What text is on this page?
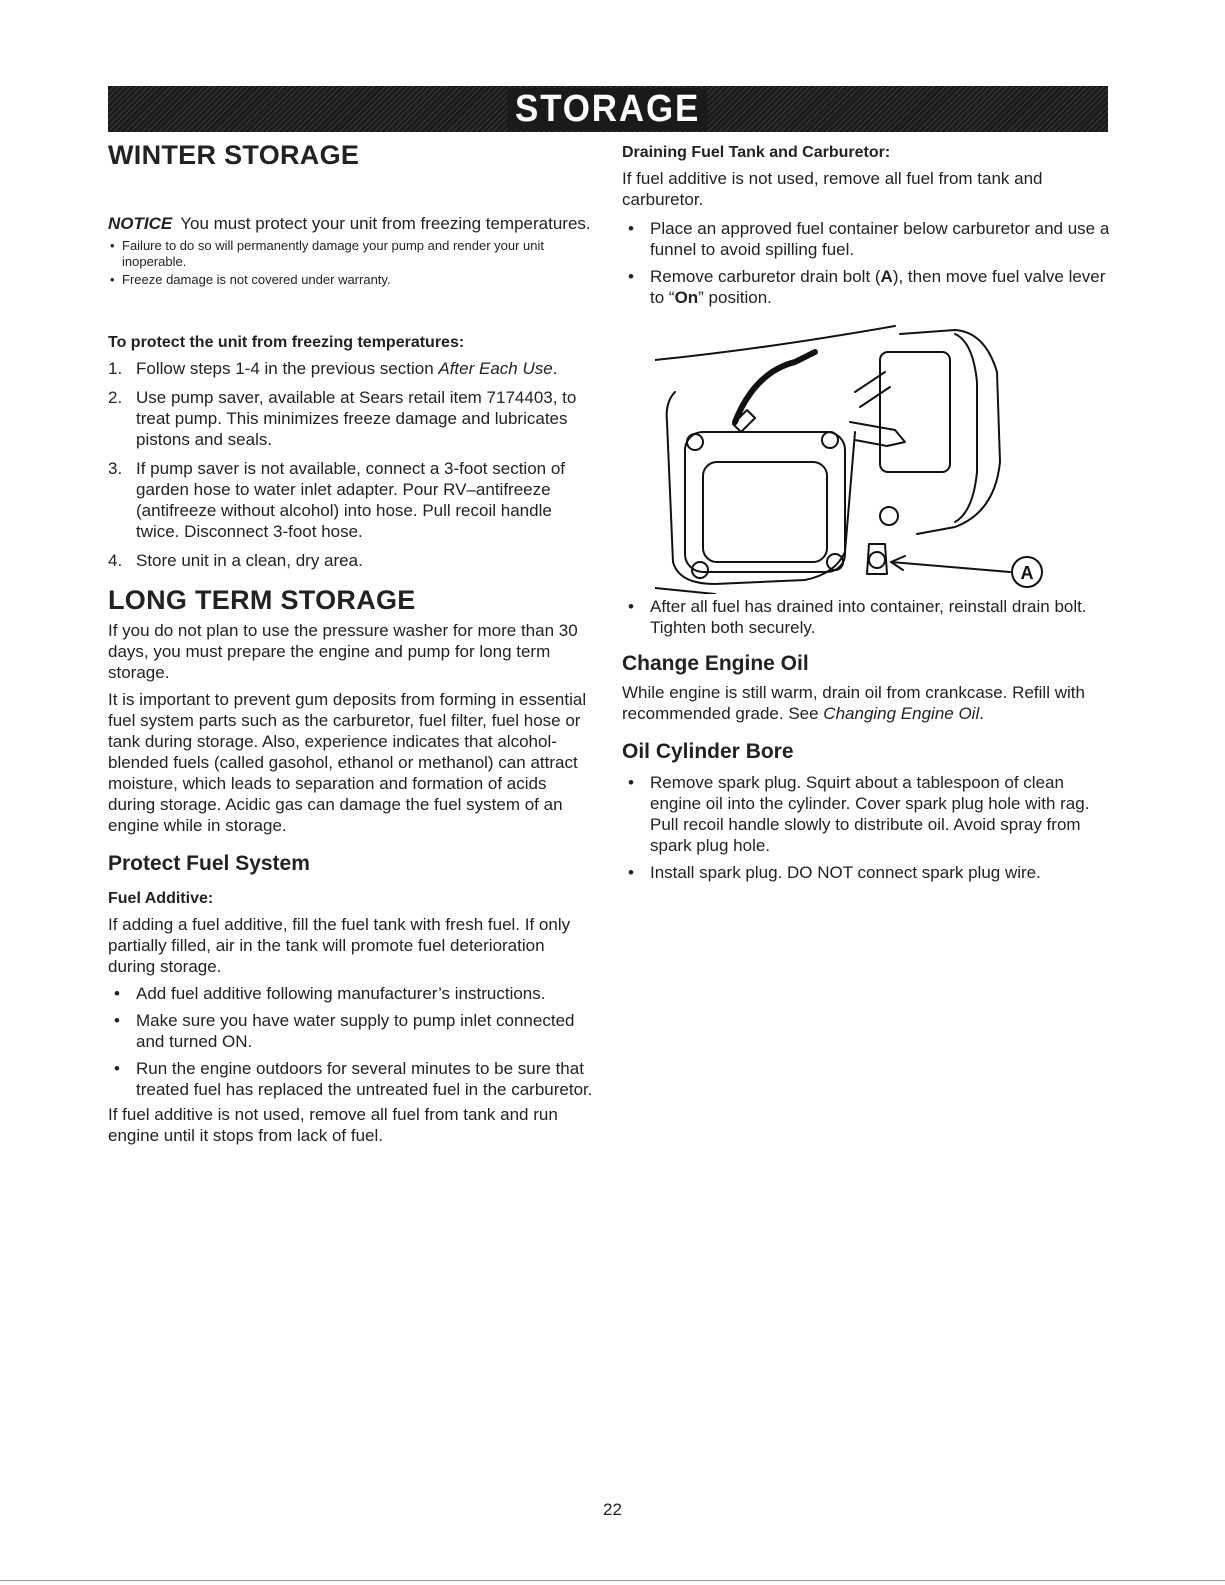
STORAGE
WINTER STORAGE

NOTICE You must protect your unit from freezing temperatures.

• Failure to do so will permanently damage your pump and render your unit inoperable.
• Freeze damage is not covered under warranty.
To protect the unit from freezing temperatures:
1. Follow steps 1-4 in the previous section After Each Use.
2. Use pump saver, available at Sears retail item 7174403, to treat pump. This minimizes freeze damage and lubricates pistons and seals.
3. If pump saver is not available, connect a 3-foot section of garden hose to water inlet adapter. Pour RV–antifreeze (antifreeze without alcohol) into hose. Pull recoil handle twice. Disconnect 3-foot hose.
4. Store unit in a clean, dry area.
LONG TERM STORAGE

If you do not plan to use the pressure washer for more than 30 days, you must prepare the engine and pump for long term storage.

It is important to prevent gum deposits from forming in essential fuel system parts such as the carburetor, fuel filter, fuel hose or tank during storage. Also, experience indicates that alcohol-blended fuels (called gasohol, ethanol or methanol) can attract moisture, which leads to separation and formation of acids during storage. Acidic gas can damage the fuel system of an engine while in storage.

Protect Fuel System
Fuel Additive:

If adding a fuel additive, fill the fuel tank with fresh fuel. If only partially filled, air in the tank will promote fuel deterioration during storage.

• Add fuel additive following manufacturer’s instructions.
• Make sure you have water supply to pump inlet connected and turned ON.
• Run the engine outdoors for several minutes to be sure that treated fuel has replaced the untreated fuel in the carburetor.

If fuel additive is not used, remove all fuel from tank and run engine until it stops from lack of fuel.

Draining Fuel Tank and Carburetor:

If fuel additive is not used, remove all fuel from tank and carburetor.

• Place an approved fuel container below carburetor and use a funnel to avoid spilling fuel.
• Remove carburetor drain bolt (A), then move fuel valve lever to “On” position.
• After all fuel has drained into container, reinstall drain bolt. Tighten both securely.
Change Engine Oil

While engine is still warm, drain oil from crankcase. Refill with recommended grade. See Changing Engine Oil.

Oil Cylinder Bore
• Remove spark plug. Squirt about a tablespoon of clean engine oil into the cylinder. Cover spark plug hole with rag. Pull recoil handle slowly to distribute oil. Avoid spray from spark plug hole.
• Install spark plug. DO NOT connect spark plug wire.
A
22
